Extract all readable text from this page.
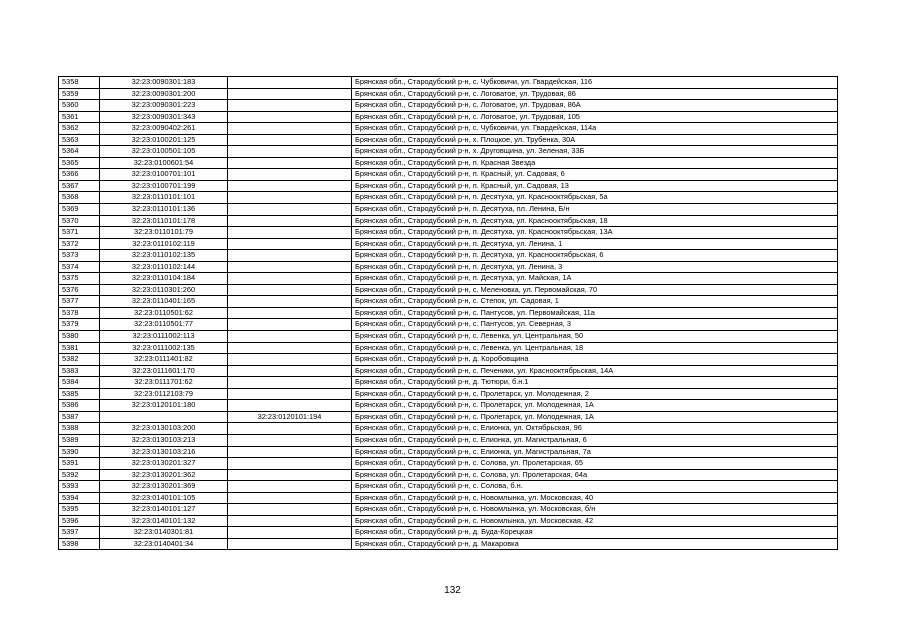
5358	32:23:0090301:183		Брянская обл., Стародубский р-н, с. Чубковичи, ул. Гвардейская, 116
5359	32:23:0090301:200		Брянская обл., Стародубский р-н, с. Логоватое, ул. Трудовая, 86
5360	32:23:0090301:223		Брянская обл., Стародубский р-н, с. Логоватое, ул. Трудовая, 86А
5361	32:23:0090301:343		Брянская обл., Стародубский р-н, с. Логоватое, ул. Трудовая, 105
5362	32:23:0090402:261		Брянская обл., Стародубский р-н, с. Чубковичи, ул. Гвардейская, 114а
5363	32:23:0100201:125		Брянская обл., Стародубский р-н, х. Плоцкое, ул. Трубенка, 30А
5364	32:23:0100501:105		Брянская обл., Стародубский р-н, х. Друговщина, ул. Зеленая, 33Б
5365	32:23:0100601:54		Брянская обл., Стародубский р-н, п. Красная Звезда
5366	32:23:0100701:101		Брянская обл., Стародубский р-н, п. Красный, ул. Садовая, 6
5367	32:23:0100701:199		Брянская обл., Стародубский р-н, п. Красный, ул. Садовая, 13
5368	32:23:0110101:101		Брянская обл., Стародубский р-н, п. Десятуха, ул. Краснооктябрьская, 5а
5369	32:23:0110101:136		Брянская обл., Стародубский р-н, п. Десятуха, пл. Ленина, Б/н
5370	32:23:0110101:178		Брянская обл., Стародубский р-н, п. Десятуха, ул. Краснооктябрьская, 18
5371	32:23:0110101:79		Брянская обл., Стародубский р-н, п. Десятуха, ул. Краснооктябрьская, 13А
5372	32:23:0110102:119		Брянская обл., Стародубский р-н, п. Десятуха, ул. Ленина, 1
5373	32:23:0110102:135		Брянская обл., Стародубский р-н, п. Десятуха, ул. Краснооктябрьская, 6
5374	32:23:0110102:144		Брянская обл., Стародубский р-н, п. Десятуха, ул. Ленина, 3
5375	32:23:0110104:184		Брянская обл., Стародубский р-н, п. Десятуха, ул. Майская, 1А
5376	32:23:0110301:260		Брянская обл., Стародубский р-н, с. Меленовка, ул. Первомайская, 70
5377	32:23:0110401:165		Брянская обл., Стародубский р-н, с. Степок, ул. Садовая, 1
5378	32:23:0110501:62		Брянская обл., Стародубский р-н, с. Пантусов, ул. Первомайская, 11а
5379	32:23:0110501:77		Брянская обл., Стародубский р-н, с. Пантусов, ул. Северная, 3
5380	32:23:0111002:113		Брянская обл., Стародубский р-н, с. Левенка, ул. Центральная, 50
5381	32:23:0111002:135		Брянская обл., Стародубский р-н, с. Левенка, ул. Центральная, 18
5382	32:23:0111401:82		Брянская обл., Стародубский р-н, д. Коробовщина
5383	32:23:0111601:170		Брянская обл., Стародубский р-н, с. Печеники, ул. Краснооктябрьская, 14А
5384	32:23:0111701:62		Брянская обл., Стародубский р-н, д. Тютюри, б.н.1
5385	32:23:0112103:79		Брянская обл., Стародубский р-н, с. Пролетарск, ул. Молодежная, 2
5386	32:23:0120101:180		Брянская обл., Стародубский р-н, с. Пролетарск, ул. Молодежная, 1А
5387		32:23:0120101:194	Брянская обл., Стародубский р-н, с. Пролетарск, ул. Молодежная, 1А
5388	32:23:0130103:200		Брянская обл., Стародубский р-н, с. Елионка, ул. Октябрьская, 96
5389	32:23:0130103:213		Брянская обл., Стародубский р-н, с. Елионка, ул. Магистральная, 6
5390	32:23:0130103:216		Брянская обл., Стародубский р-н, с. Елионка, ул. Магистральная, 7а
5391	32:23:0130201:327		Брянская обл., Стародубский р-н, с. Солова, ул. Пролетарская, 65
5392	32:23:0130201:362		Брянская обл., Стародубский р-н, с. Солова, ул. Пролетарская, 64а
5393	32:23:0130201:369		Брянская обл., Стародубский р-н, с. Солова, б.н.
5394	32:23:0140101:105		Брянская обл., Стародубский р-н, с. Новомлынка, ул. Московская, 40
5395	32:23:0140101:127		Брянская обл., Стародубский р-н, с. Новомлынка, ул. Московская, б/н
5396	32:23:0140101:132		Брянская обл., Стародубский р-н, с. Новомлынка, ул. Московская, 42
5397	32:23:0140301:81		Брянская обл., Стародубский р-н, д. Буда-Корецкая
5398	32:23:0140401:34		Брянская обл., Стародубский р-н, д. Макаровка
132
